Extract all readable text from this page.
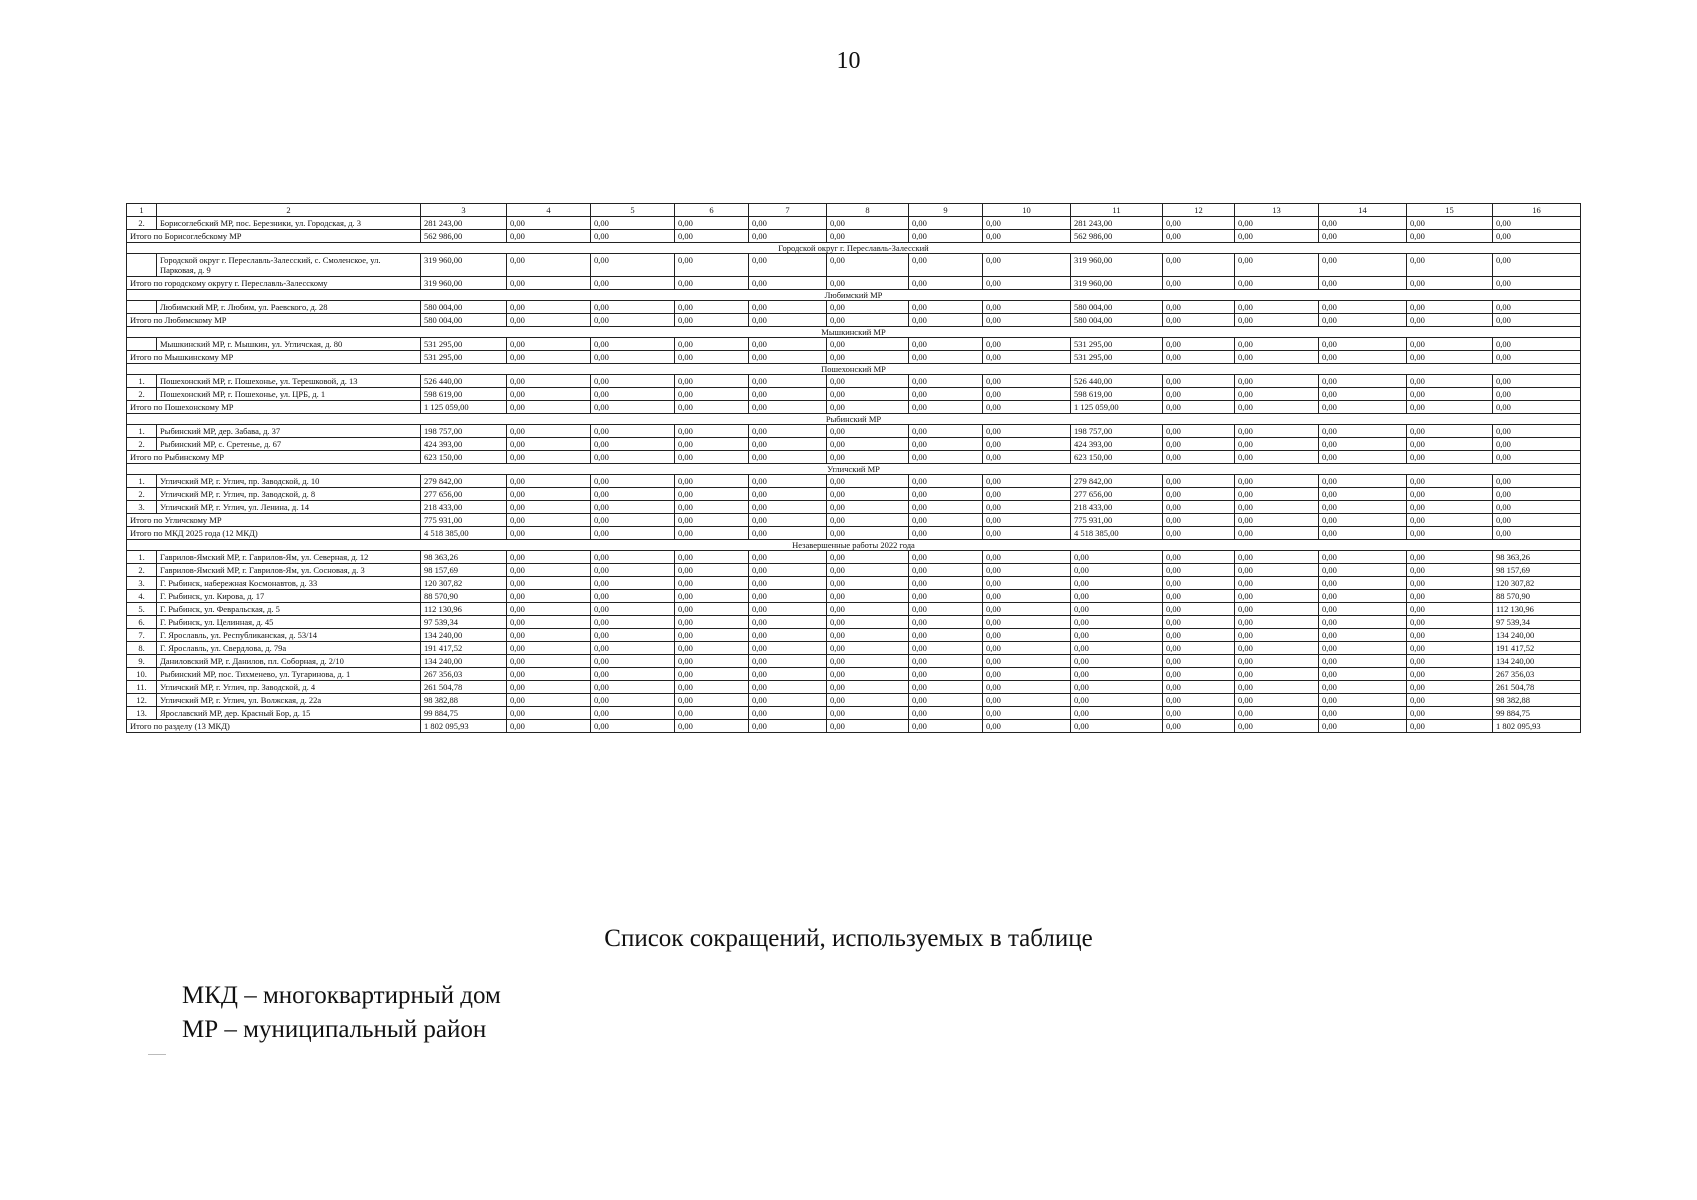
10
1	2	3	4	5	6	7	8	9	10	11	12	13	14	15	16
2.	Борисоглебский МР, пос. Березники, ул. Городская, д. 3	281 243,00	0,00	0,00	0,00	0,00	0,00	0,00	0,00	281 243,00	0,00	0,00	0,00	0,00	0,00
Итого по Борисоглебскому МР		562 986,00	0,00	0,00	0,00	0,00	0,00	0,00	0,00	562 986,00	0,00	0,00	0,00	0,00	0,00
Городской округ г. Переславль-Залесский															
	Городской округ г. Переславль-Залесский, с. Смоленское, ул. Парковая, д. 9	319 960,00	0,00	0,00	0,00	0,00	0,00	0,00	0,00	319 960,00	0,00	0,00	0,00	0,00	0,00
Итого по городскому округу г. Переславль-Залесскому		319 960,00	0,00	0,00	0,00	0,00	0,00	0,00	0,00	319 960,00	0,00	0,00	0,00	0,00	0,00
Любимский МР															
	Любимский МР, г. Любим, ул. Раевского, д. 28	580 004,00	0,00	0,00	0,00	0,00	0,00	0,00	0,00	580 004,00	0,00	0,00	0,00	0,00	0,00
Итого по Любимскому МР		580 004,00	0,00	0,00	0,00	0,00	0,00	0,00	0,00	580 004,00	0,00	0,00	0,00	0,00	0,00
Мышкинский МР															
	Мышкинский МР, г. Мышкин, ул. Угличская, д. 80	531 295,00	0,00	0,00	0,00	0,00	0,00	0,00	0,00	531 295,00	0,00	0,00	0,00	0,00	0,00
Итого по Мышкинскому МР		531 295,00	0,00	0,00	0,00	0,00	0,00	0,00	0,00	531 295,00	0,00	0,00	0,00	0,00	0,00
Пошехонский МР															
1.	Пошехонский МР, г. Пошехонье, ул. Терешковой, д. 13	526 440,00	0,00	0,00	0,00	0,00	0,00	0,00	0,00	526 440,00	0,00	0,00	0,00	0,00	0,00
2.	Пошехонский МР, г. Пошехонье, ул. ЦРБ, д. 1	598 619,00	0,00	0,00	0,00	0,00	0,00	0,00	0,00	598 619,00	0,00	0,00	0,00	0,00	0,00
Итого по Пошехонскому МР		1 125 059,00	0,00	0,00	0,00	0,00	0,00	0,00	0,00	1 125 059,00	0,00	0,00	0,00	0,00	0,00
Рыбинский МР															
1.	Рыбинский МР, дер. Забава, д. 37	198 757,00	0,00	0,00	0,00	0,00	0,00	0,00	0,00	198 757,00	0,00	0,00	0,00	0,00	0,00
2.	Рыбинский МР, с. Сретенье, д. 67	424 393,00	0,00	0,00	0,00	0,00	0,00	0,00	0,00	424 393,00	0,00	0,00	0,00	0,00	0,00
Итого по Рыбинскому МР		623 150,00	0,00	0,00	0,00	0,00	0,00	0,00	0,00	623 150,00	0,00	0,00	0,00	0,00	0,00
Угличский МР															
1.	Угличский МР, г. Углич, пр. Заводской, д. 10	279 842,00	0,00	0,00	0,00	0,00	0,00	0,00	0,00	279 842,00	0,00	0,00	0,00	0,00	0,00
2.	Угличский МР, г. Углич, пр. Заводской, д. 8	277 656,00	0,00	0,00	0,00	0,00	0,00	0,00	0,00	277 656,00	0,00	0,00	0,00	0,00	0,00
3.	Угличский МР, г. Углич, ул. Ленина, д. 14	218 433,00	0,00	0,00	0,00	0,00	0,00	0,00	0,00	218 433,00	0,00	0,00	0,00	0,00	0,00
Итого по Угличскому МР		775 931,00	0,00	0,00	0,00	0,00	0,00	0,00	0,00	775 931,00	0,00	0,00	0,00	0,00	0,00
Итого по МКД 2025 года (12 МКД)		4 518 385,00	0,00	0,00	0,00	0,00	0,00	0,00	0,00	4 518 385,00	0,00	0,00	0,00	0,00	0,00
Незавершенные работы 2022 года															
1.	Гаврилов-Ямский МР, г. Гаврилов-Ям, ул. Северная, д. 12	98 363,26	0,00	0,00	0,00	0,00	0,00	0,00	0,00	0,00	0,00	0,00	0,00	0,00	98 363,26
2.	Гаврилов-Ямский МР, г. Гаврилов-Ям, ул. Сосновая, д. 3	98 157,69	0,00	0,00	0,00	0,00	0,00	0,00	0,00	0,00	0,00	0,00	0,00	0,00	98 157,69
3.	Г. Рыбинск, набережная Космонавтов, д. 33	120 307,82	0,00	0,00	0,00	0,00	0,00	0,00	0,00	0,00	0,00	0,00	0,00	0,00	120 307,82
4.	Г. Рыбинск, ул. Кирова, д. 17	88 570,90	0,00	0,00	0,00	0,00	0,00	0,00	0,00	0,00	0,00	0,00	0,00	0,00	88 570,90
5.	Г. Рыбинск, ул. Февральская, д. 5	112 130,96	0,00	0,00	0,00	0,00	0,00	0,00	0,00	0,00	0,00	0,00	0,00	0,00	112 130,96
6.	Г. Рыбинск, ул. Целинная, д. 45	97 539,34	0,00	0,00	0,00	0,00	0,00	0,00	0,00	0,00	0,00	0,00	0,00	0,00	97 539,34
7.	Г. Ярославль, ул. Республиканская, д. 53/14	134 240,00	0,00	0,00	0,00	0,00	0,00	0,00	0,00	0,00	0,00	0,00	0,00	0,00	134 240,00
8.	Г. Ярославль, ул. Свердлова, д. 79а	191 417,52	0,00	0,00	0,00	0,00	0,00	0,00	0,00	0,00	0,00	0,00	0,00	0,00	191 417,52
9.	Даниловский МР, г. Данилов, пл. Соборная, д. 2/10	134 240,00	0,00	0,00	0,00	0,00	0,00	0,00	0,00	0,00	0,00	0,00	0,00	0,00	134 240,00
10.	Рыбинский МР, пос. Тихменево, ул. Тугаринова, д. 1	267 356,03	0,00	0,00	0,00	0,00	0,00	0,00	0,00	0,00	0,00	0,00	0,00	0,00	267 356,03
11.	Угличский МР, г. Углич, пр. Заводской, д. 4	261 504,78	0,00	0,00	0,00	0,00	0,00	0,00	0,00	0,00	0,00	0,00	0,00	0,00	261 504,78
12.	Угличский МР, г. Углич, ул. Волжская, д. 22а	98 382,88	0,00	0,00	0,00	0,00	0,00	0,00	0,00	0,00	0,00	0,00	0,00	0,00	98 382,88
13.	Ярославский МР, дер. Красный Бор, д. 15	99 884,75	0,00	0,00	0,00	0,00	0,00	0,00	0,00	0,00	0,00	0,00	0,00	0,00	99 884,75
Итого по разделу (13 МКД)		1 802 095,93	0,00	0,00	0,00	0,00	0,00	0,00	0,00	0,00	0,00	0,00	0,00	0,00	1 802 095,93
Список сокращений, используемых в таблице
МКД – многоквартирный дом
МР – муниципальный район
